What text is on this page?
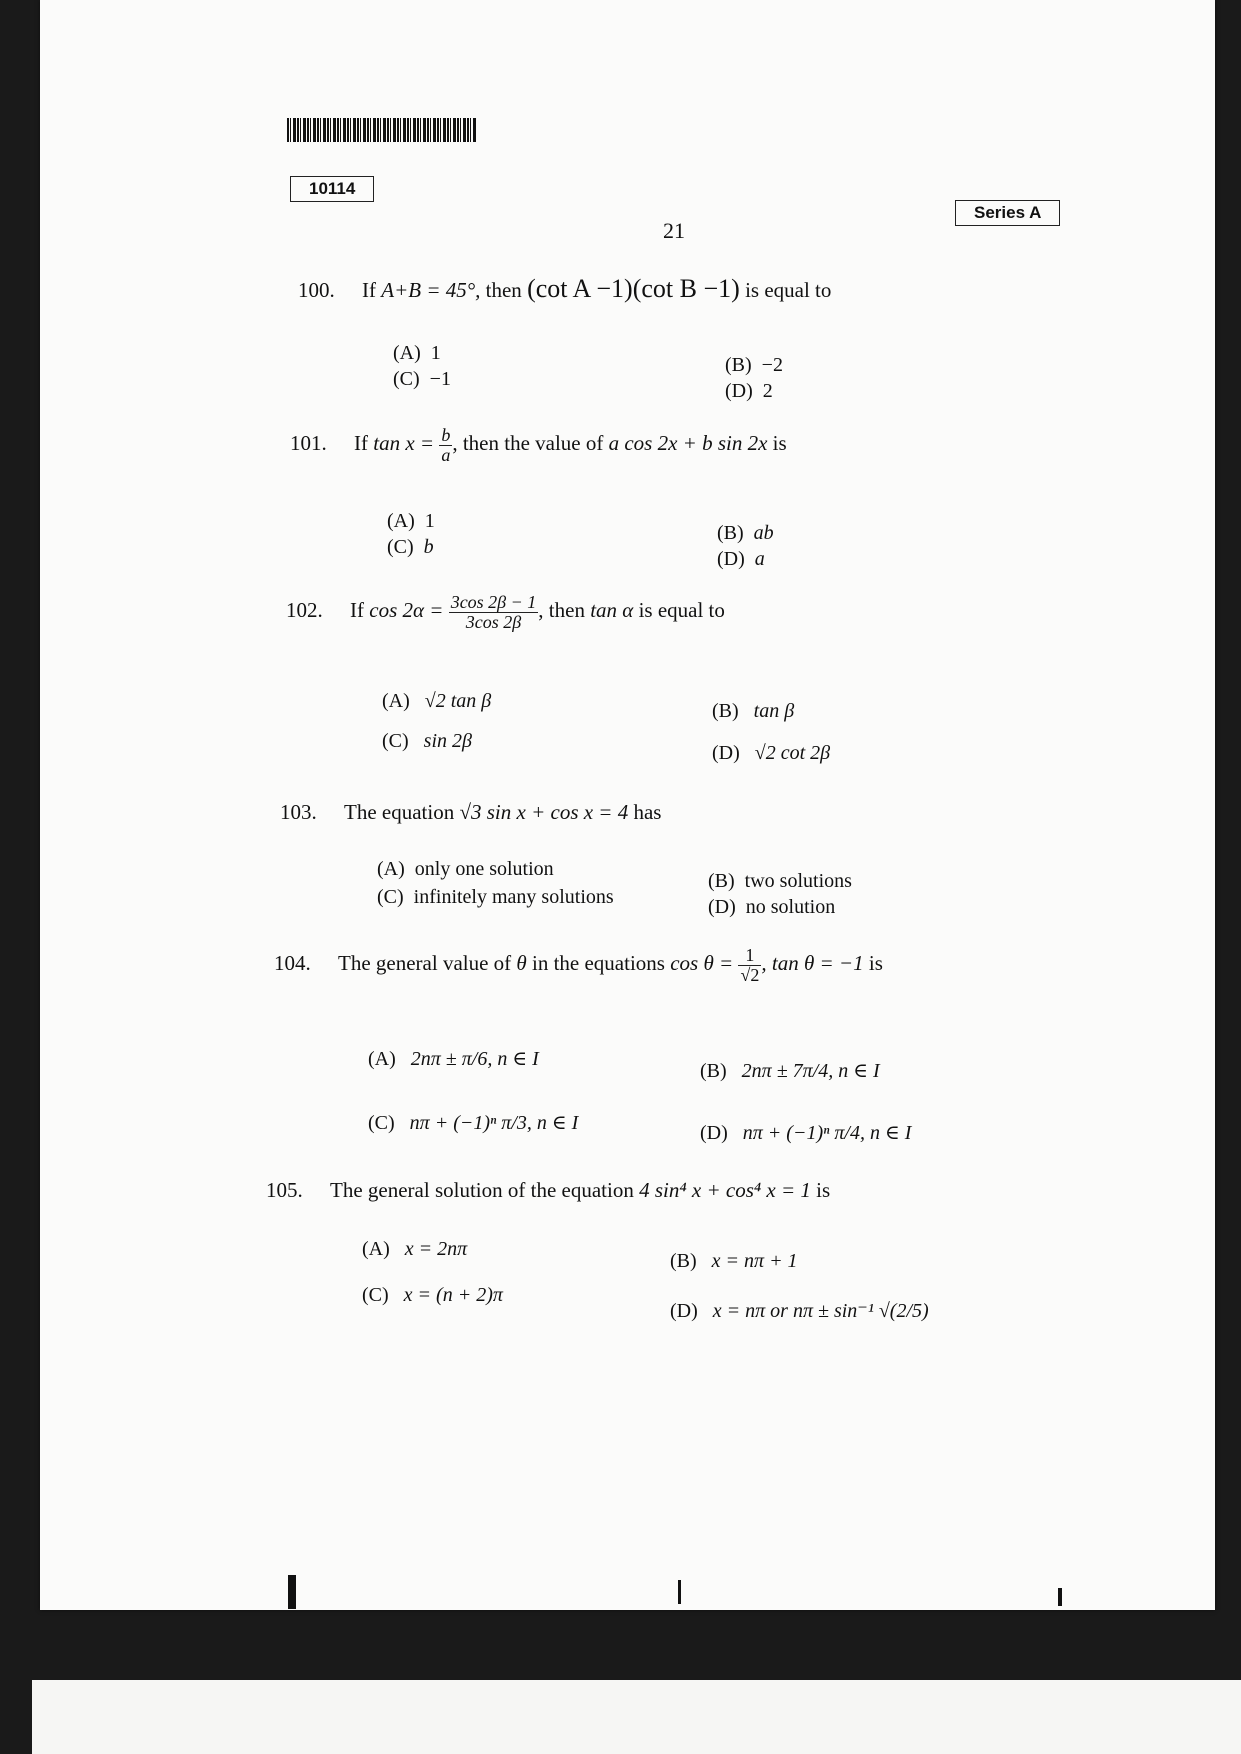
10114
Series A
21
100. If A+B = 45°, then (cot A −1)(cot B −1) is equal to
(A) 1
(C) −1
(B) −2
(D) 2
101. If $\tan x = \frac{b}{a}$ , then the value of a cos 2x + b sin 2x is
(A) 1
(C) b
(B) ab
(D) a
102. If $\cos 2\alpha = \frac{3\cos 2\beta - 1}{3\cos 2\beta}$ , then tan α is equal to
(A) √2 tan β
(C) sin 2β
(B) tan β
(D) √2 cot 2β
103. The equation √3 sin x + cos x = 4 has
(A) only one solution
(C) infinitely many solutions
(B) two solutions
(D) no solution
104. The general value of θ in the equations $\cos \theta = \frac{1}{√2}$ , tan θ = −1 is
(A) 2nπ ± π/6, n ∈ I
(C) nπ + (−1)ⁿ π/3, n ∈ I
(B) 2nπ ± 7π/4, n ∈ I
(D) nπ + (−1)ⁿ π/4, n ∈ I
105. The general solution of the equation 4 sin⁴ x + cos⁴ x = 1 is
(A) x = 2nπ
(C) x = (n + 2)π
(B) x = nπ + 1
(D) x = nπ or nπ ± sin⁻¹ √(2/5)
